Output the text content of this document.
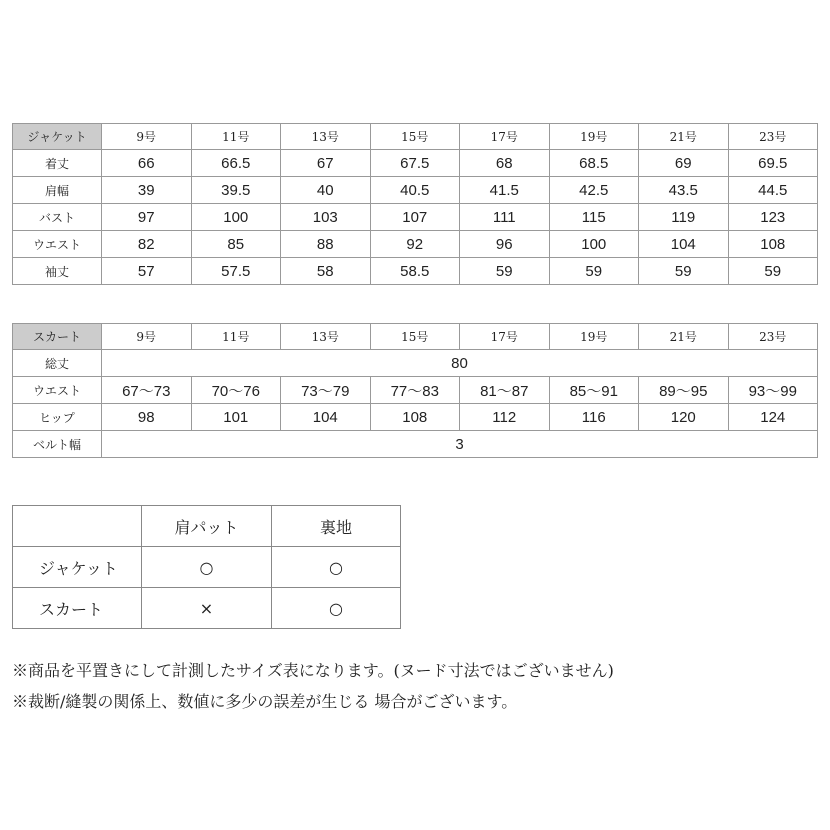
ジャケット	9号	11号	13号	15号	17号	19号	21号	23号
着丈	66	66.5	67	67.5	68	68.5	69	69.5
肩幅	39	39.5	40	40.5	41.5	42.5	43.5	44.5
バスト	97	100	103	107	111	115	119	123
ウエスト	82	85	88	92	96	100	104	108
袖丈	57	57.5	58	58.5	59	59	59	59
スカート	9号	11号	13号	15号	17号	19号	21号	23号
総丈	80							
ウエスト	67〜73	70〜76	73〜79	77〜83	81〜87	85〜91	89〜95	93〜99
ヒップ	98	101	104	108	112	116	120	124
ベルト幅	3							
	肩パット	裏地
ジャケット	○	○
スカート	×	○
※商品を平置きにして計測したサイズ表になります。(ヌード寸法ではございません)
※裁断/縫製の関係上、数値に多少の誤差が生じる 場合がございます。
